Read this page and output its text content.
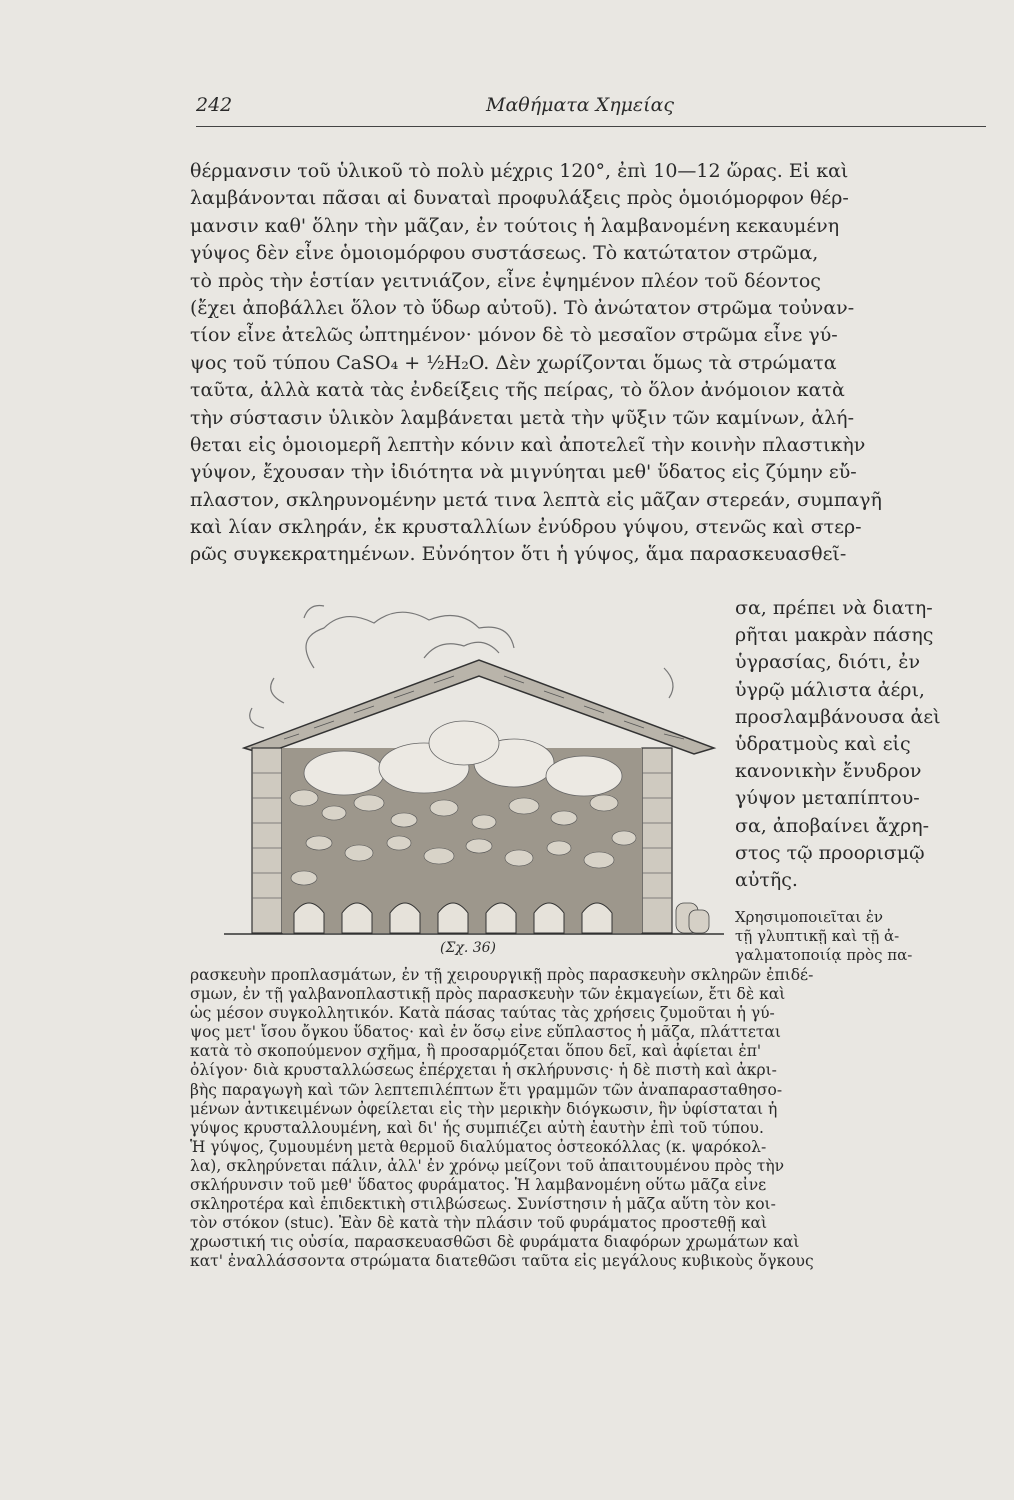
242	Μαθήματα Χημείας
θέρμανσιν τοῦ ὑλικοῦ τὸ πολὺ μέχρις 120°, ἐπὶ 10—12 ὥρας. Εἰ καὶ
λαμβάνονται πᾶσαι αἱ δυναταὶ προφυλάξεις πρὸς ὁμοιόμορφον θέρ-
μανσιν καθ' ὅλην τὴν μᾶζαν, ἐν τούτοις ἡ λαμβανομένη κεκαυμένη
γύψος δὲν εἶνε ὁμοιομόρφου συστάσεως. Τὸ κατώτατον στρῶμα,
τὸ πρὸς τὴν ἑστίαν γειτνιάζον, εἶνε ἐψημένον πλέον τοῦ δέοντος
(ἔχει ἀποβάλλει ὅλον τὸ ὕδωρ αὐτοῦ). Τὸ ἀνώτατον στρῶμα τοὐναν-
τίον εἶνε ἀτελῶς ὠπτημένον· μόνον δὲ τὸ μεσαῖον στρῶμα εἶνε γύ-
ψος τοῦ τύπου CaSO₄ + ½H₂O. Δὲν χωρίζονται ὅμως τὰ στρώματα
ταῦτα, ἀλλὰ κατὰ τὰς ἐνδείξεις τῆς πείρας, τὸ ὅλον ἀνόμοιον κατὰ
τὴν σύστασιν ὑλικὸν λαμβάνεται μετὰ τὴν ψῦξιν τῶν καμίνων, ἀλή-
θεται εἰς ὁμοιομερῆ λεπτὴν κόνιν καὶ ἀποτελεῖ τὴν κοινὴν πλαστικὴν
γύψον, ἔχουσαν τὴν ἰδιότητα νὰ μιγνύηται μεθ' ὕδατος εἰς ζύμην εὔ-
πλαστον, σκληρυνομένην μετά τινα λεπτὰ εἰς μᾶζαν στερεάν, συμπαγῆ
καὶ λίαν σκληράν, ἐκ κρυσταλλίων ἐνύδρου γύψου, στενῶς καὶ στερ-
ρῶς συγκεκρατημένων. Εὐνόητον ὅτι ἡ γύψος, ἅμα παρασκευασθεῖ-
(Σχ. 36)
σα, πρέπει νὰ διατη-
ρῆται μακρὰν πάσης
ὑγρασίας, διότι, ἐν
ὑγρῷ μάλιστα ἀέρι,
προσλαμβάνουσα ἀεὶ
ὑδρατμοὺς καὶ εἰς
κανονικὴν ἔνυδρον
γύψον μεταπίπτου-
σα, ἀποβαίνει ἄχρη-
στος τῷ προορισμῷ
αὐτῆς.
Χρησιμοποιεῖται ἐν
τῇ γλυπτικῇ καὶ τῇ ἀ-
γαλματοποιίᾳ πρὸς πα-
ρασκευὴν προπλασμάτων, ἐν τῇ χειρουργικῇ πρὸς παρασκευὴν σκληρῶν ἐπιδέ-
σμων, ἐν τῇ γαλβανοπλαστικῇ πρὸς παρασκευὴν τῶν ἐκμαγείων, ἔτι δὲ καὶ
ὡς μέσον συγκολλητικόν. Κατὰ πάσας ταύτας τὰς χρήσεις ζυμοῦται ἡ γύ-
ψος μετ' ἴσου ὄγκου ὕδατος· καὶ ἐν ὅσῳ εἶνε εὔπλαστος ἡ μᾶζα, πλάττεται
κατὰ τὸ σκοπούμενον σχῆμα, ἢ προσαρμόζεται ὅπου δεῖ, καὶ ἀφίεται ἐπ'
ὀλίγον· διὰ κρυσταλλώσεως ἐπέρχεται ἡ σκλήρυνσις· ἡ δὲ πιστὴ καὶ ἀκρι-
βὴς παραγωγὴ καὶ τῶν λεπτεπιλέπτων ἔτι γραμμῶν τῶν ἀναπαρασταθησο-
μένων ἀντικειμένων ὀφείλεται εἰς τὴν μερικὴν διόγκωσιν, ἣν ὑφίσταται ἡ
γύψος κρυσταλλουμένη, καὶ δι' ἧς συμπιέζει αὐτὴ ἑαυτὴν ἐπὶ τοῦ τύπου.
Ἡ γύψος, ζυμουμένη μετὰ θερμοῦ διαλύματος ὀστεοκόλλας (κ. ψαρόκολ-
λα), σκληρύνεται πάλιν, ἀλλ' ἐν χρόνῳ μείζονι τοῦ ἀπαιτουμένου πρὸς τὴν
σκλήρυνσιν τοῦ μεθ' ὕδατος φυράματος. Ἡ λαμβανομένη οὕτω μᾶζα εἶνε
σκληροτέρα καὶ ἐπιδεκτικὴ στιλβώσεως. Συνίστησιν ἡ μᾶζα αὕτη τὸν κοι-
τὸν στόκον (stuc). Ἐὰν δὲ κατὰ τὴν πλάσιν τοῦ φυράματος προστεθῇ καὶ
χρωστική τις οὐσία, παρασκευασθῶσι δὲ φυράματα διαφόρων χρωμάτων καὶ
κατ' ἐναλλάσσοντα στρώματα διατεθῶσι ταῦτα εἰς μεγάλους κυβικοὺς ὄγκους
